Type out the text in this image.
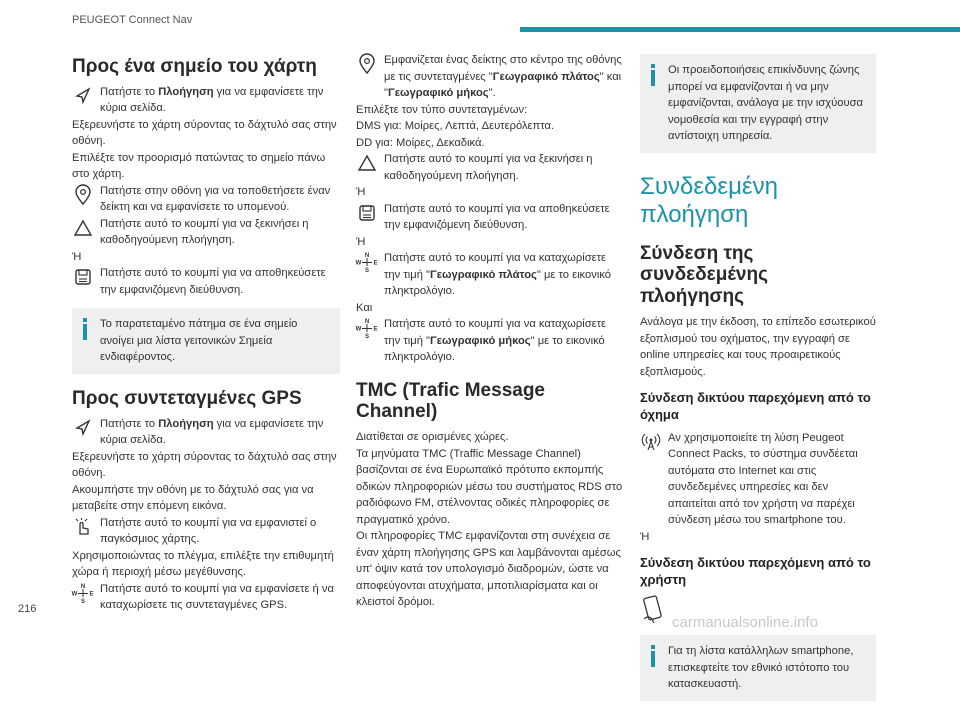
PEUGEOT Connect Nav
Προς ένα σημείο του χάρτη
Πατήστε το Πλοήγηση για να εμφανίσετε την κύρια σελίδα.
Εξερευνήστε το χάρτη σύροντας το δάχτυλό σας στην οθόνη.
Επιλέξτε τον προορισμό πατώντας το σημείο πάνω στο χάρτη.
Πατήστε στην οθόνη για να τοποθετήσετε έναν δείκτη και να εμφανίσετε το υπομενού.
Πατήστε αυτό το κουμπί για να ξεκινήσει η καθοδηγούμενη πλοήγηση.
Ή
Πατήστε αυτό το κουμπί για να αποθηκεύσετε την εμφανιζόμενη διεύθυνση.
Το παρατεταμένο πάτημα σε ένα σημείο ανοίγει μια λίστα γειτονικών Σημεία ενδιαφέροντος.
Προς συντεταγμένες GPS
Πατήστε το Πλοήγηση για να εμφανίσετε την κύρια σελίδα.
Εξερευνήστε το χάρτη σύροντας το δάχτυλό σας στην οθόνη.
Ακουμπήστε την οθόνη με το δάχτυλό σας για να μεταβείτε στην επόμενη εικόνα.
Πατήστε αυτό το κουμπί για να εμφανιστεί ο παγκόσμιος χάρτης.
Χρησιμοποιώντας το πλέγμα, επιλέξτε την επιθυμητή χώρα ή περιοχή μέσω μεγέθυνσης.
N
S
W E Πατήστε αυτό το κουμπί για να εμφανίσετε ή να καταχωρίσετε τις συντεταγμένες GPS.
Εμφανίζεται ένας δείκτης στο κέντρο της οθόνης με τις συντεταγμένες "Γεωγραφικό πλάτος" και "Γεωγραφικό μήκος".
Επιλέξτε τον τύπο συντεταγμένων:
DMS για: Μοίρες, Λεπτά, Δευτερόλεπτα.
DD για: Μοίρες, Δεκαδικά.
Πατήστε αυτό το κουμπί για να ξεκινήσει η καθοδηγούμενη πλοήγηση.
Ή
Πατήστε αυτό το κουμπί για να αποθηκεύσετε την εμφανιζόμενη διεύθυνση.
Ή
N
S
W E Πατήστε αυτό το κουμπί για να καταχωρίσετε την τιμή "Γεωγραφικό πλάτος" με το εικονικό πληκτρολόγιο.
Και
N
S
W E Πατήστε αυτό το κουμπί για να καταχωρίσετε την τιμή "Γεωγραφικό μήκος" με το εικονικό πληκτρολόγιο.
TMC (Trafic Message Channel)
Διατίθεται σε ορισμένες χώρες.
Τα μηνύματα TMC (Traffic Message Channel) βασίζονται σε ένα Ευρωπαϊκό πρότυπο εκπομπής οδικών πληροφοριών μέσω του συστήματος RDS στο ραδιόφωνο FM, στέλνοντας οδικές πληροφορίες σε πραγματικό χρόνο.
Οι πληροφορίες TMC εμφανίζονται στη συνέχεια σε έναν χάρτη πλοήγησης GPS και λαμβάνονται αμέσως υπ' όψιν κατά τον υπολογισμό διαδρομών, ώστε να αποφεύγονται ατυχήματα, μποτιλιαρίσματα και οι κλειστοί δρόμοι.
Οι προειδοποιήσεις επικίνδυνης ζώνης μπορεί να εμφανίζονται ή να μην εμφανίζονται, ανάλογα με την ισχύουσα νομοθεσία και την εγγραφή στην αντίστοιχη υπηρεσία.
Συνδεδεμένη πλοήγηση
Σύνδεση της συνδεδεμένης πλοήγησης
Ανάλογα με την έκδοση, το επίπεδο εσωτερικού εξοπλισμού του οχήματος, την εγγραφή σε online υπηρεσίες και τους προαιρετικούς εξοπλισμούς.
Σύνδεση δικτύου παρεχόμενη από το όχημα
Αν χρησιμοποιείτε τη λύση Peugeot Connect Packs, το σύστημα συνδέεται αυτόματα στο Internet και στις συνδεδεμένες υπηρεσίες και δεν απαιτείται από τον χρήστη να παρέχει σύνδεση μέσω του smartphone του.
Ή
Σύνδεση δικτύου παρεχόμενη από το χρήστη
Για τη λίστα κατάλληλων smartphone, επισκεφτείτε τον εθνικό ιστότοπο του κατασκευαστή.
216
carmanualsonline.info
